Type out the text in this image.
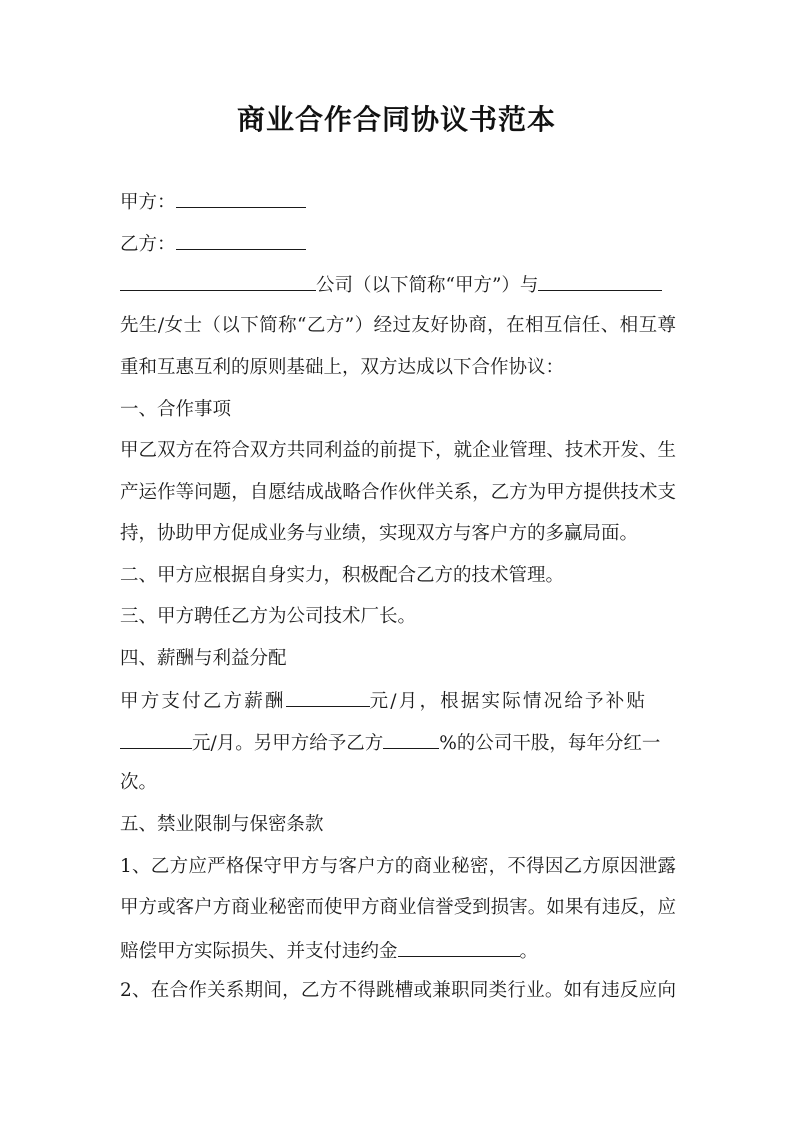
商业合作合同协议书范本
甲方：
乙方：
公司（以下简称“甲方”）与
先生/女士（以下简称“乙方”）经过友好协商，在相互信任、相互尊
重和互惠互利的原则基础上，双方达成以下合作协议：
一、合作事项
甲乙双方在符合双方共同利益的前提下，就企业管理、技术开发、生
产运作等问题，自愿结成战略合作伙伴关系，乙方为甲方提供技术支
持，协助甲方促成业务与业绩，实现双方与客户方的多赢局面。
二、甲方应根据自身实力，积极配合乙方的技术管理。
三、甲方聘任乙方为公司技术厂长。
四、薪酬与利益分配
甲方支付乙方薪酬	元/月，根据实际情况给予补贴
元/月。另甲方给予乙方	%的公司干股，每年分红一
次。
五、禁业限制与保密条款
1、乙方应严格保守甲方与客户方的商业秘密，不得因乙方原因泄露
甲方或客户方商业秘密而使甲方商业信誉受到损害。如果有违反，应
赔偿甲方实际损失、并支付违约金	。
2、在合作关系期间，乙方不得跳槽或兼职同类行业。如有违反应向
